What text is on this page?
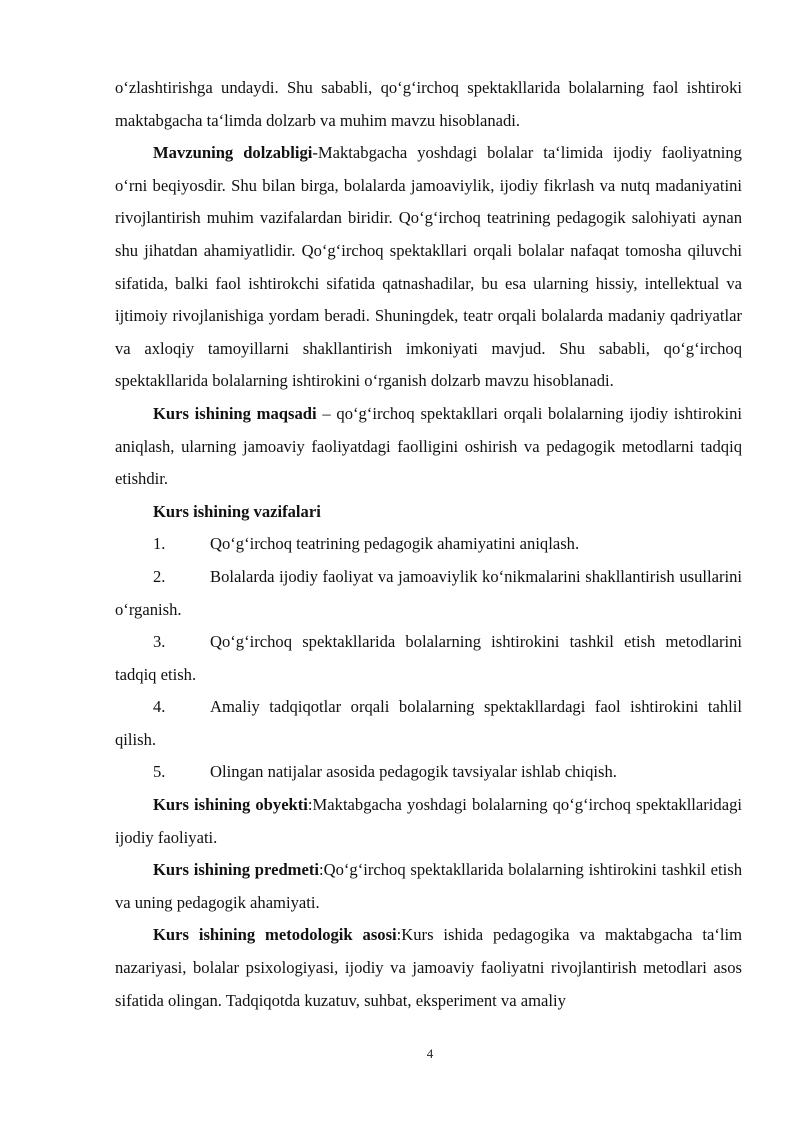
o‘zlashtirishga undaydi. Shu sababli, qo‘g‘irchoq spektakllarida bolalarning faol ishtiroki maktabgacha ta‘limda dolzarb va muhim mavzu hisoblanadi.

Mavzuning dolzabligi-Maktabgacha yoshdagi bolalar ta‘limida ijodiy faoliyatning o‘rni beqiyosdir. Shu bilan birga, bolalarda jamoaviylik, ijodiy fikrlash va nutq madaniyatini rivojlantirish muhim vazifalardan biridir. Qo‘g‘irchoq teatrining pedagogik salohiyati aynan shu jihatdan ahamiyatlidir. Qo‘g‘irchoq spektakllari orqali bolalar nafaqat tomosha qiluvchi sifatida, balki faol ishtirokchi sifatida qatnashadilar, bu esa ularning hissiy, intellektual va ijtimoiy rivojlanishiga yordam beradi. Shuningdek, teatr orqali bolalarda madaniy qadriyatlar va axloqiy tamoyillarni shakllantirish imkoniyati mavjud. Shu sababli, qo‘g‘irchoq spektakllarida bolalarning ishtirokini o‘rganish dolzarb mavzu hisoblanadi.

Kurs ishining maqsadi – qo‘g‘irchoq spektakllari orqali bolalarning ijodiy ishtirokini aniqlash, ularning jamoaviy faoliyatdagi faolligini oshirish va pedagogik metodlarni tadqiq etishdir.

Kurs ishining vazifalari

1.	Qo‘g‘irchoq teatrining pedagogik ahamiyatini aniqlash.

2.	Bolalarda ijodiy faoliyat va jamoaviylik ko‘nikmalarini shakllantirish usullarini o‘rganish.

3.	Qo‘g‘irchoq spektakllarida bolalarning ishtirokini tashkil etish metodlarini tadqiq etish.

4.	Amaliy tadqiqotlar orqali bolalarning spektakllardagi faol ishtirokini tahlil qilish.

5.	Olingan natijalar asosida pedagogik tavsiyalar ishlab chiqish.

Kurs ishining obyekti:Maktabgacha yoshdagi bolalarning qo‘g‘irchoq spektakllaridagi ijodiy faoliyati.

Kurs ishining predmeti:Qo‘g‘irchoq spektakllarida bolalarning ishtirokini tashkil etish va uning pedagogik ahamiyati.

Kurs ishining metodologik asosi:Kurs ishida pedagogika va maktabgacha ta‘lim nazariyasi, bolalar psixologiyasi, ijodiy va jamoaviy faoliyatni rivojlantirish metodlari asos sifatida olingan. Tadqiqotda kuzatuv, suhbat, eksperiment va amaliy

4
